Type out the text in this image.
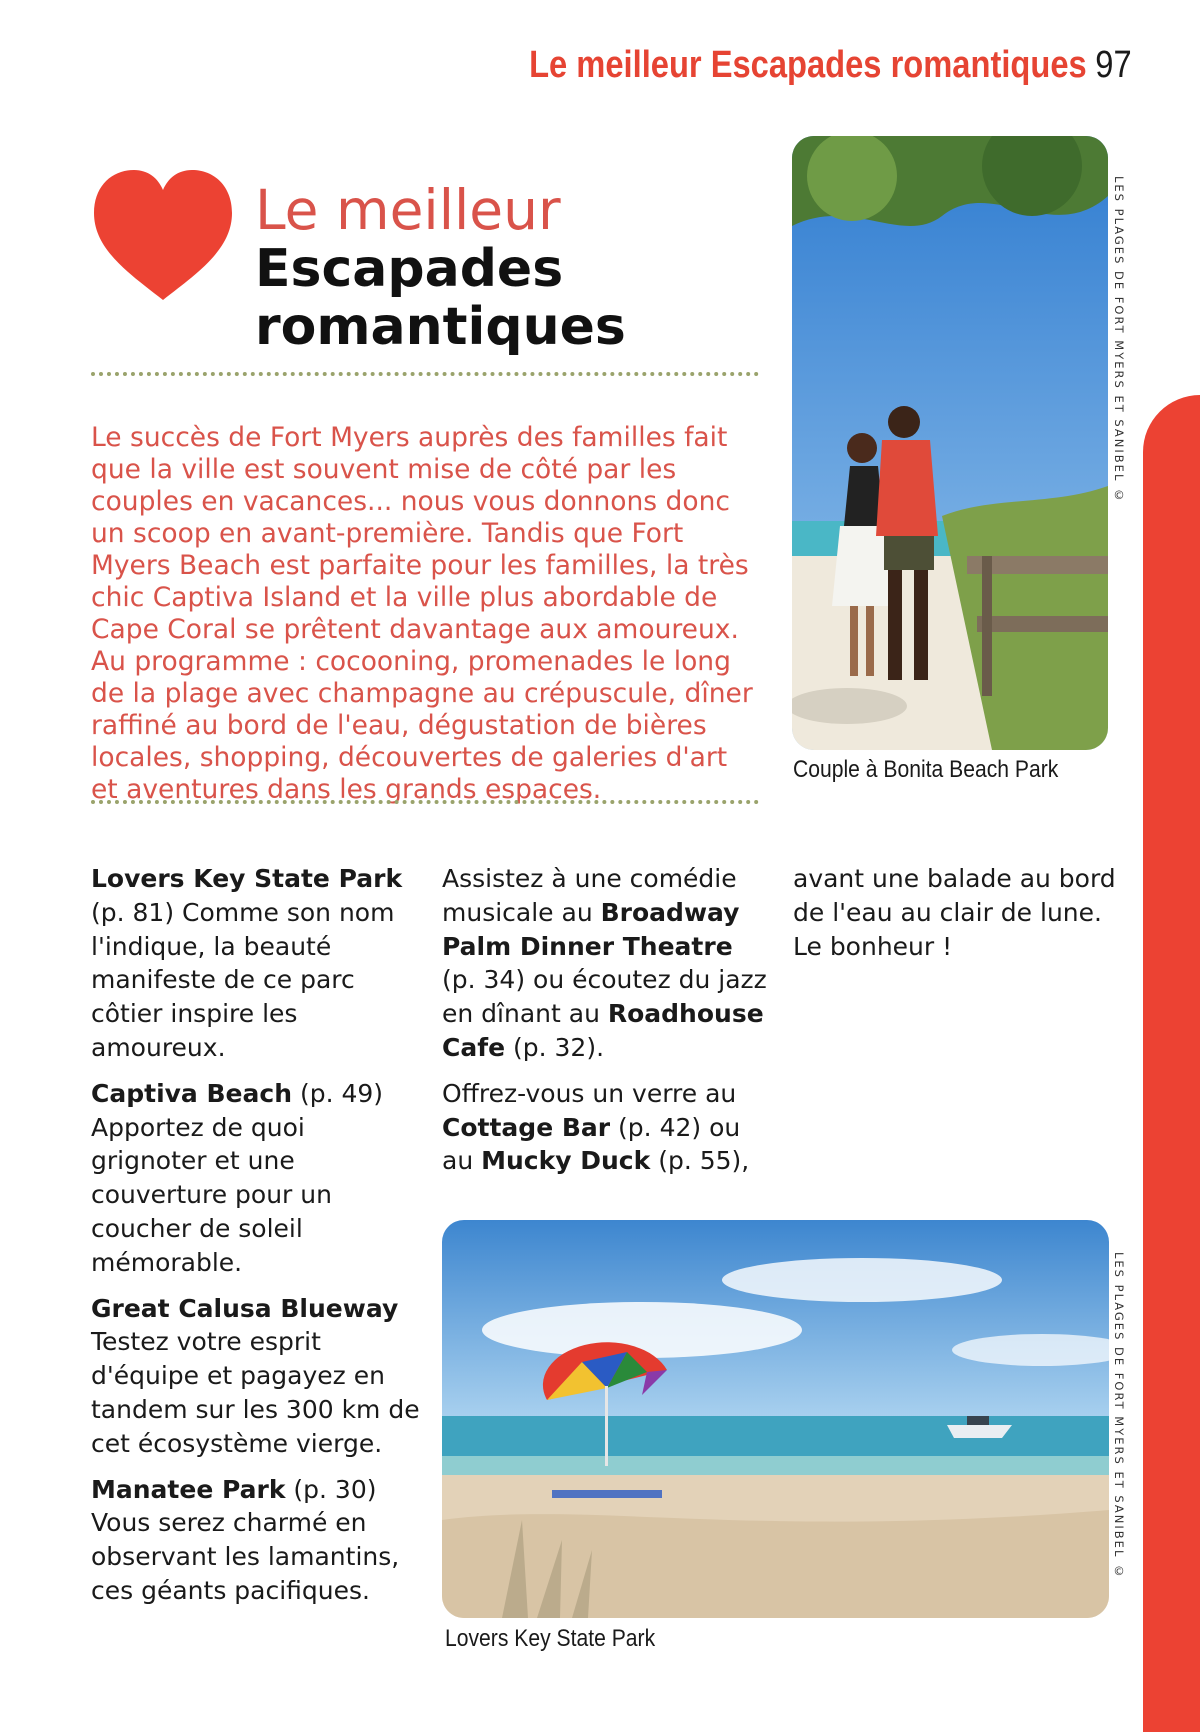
Le meilleur Escapades romantiques 97
Le meilleur
Escapades
romantiques

Le succès de Fort Myers auprès des familles fait que la ville est souvent mise de côté par les couples en vacances... nous vous donnons donc un scoop en avant-première. Tandis que Fort Myers Beach est parfaite pour les familles, la très chic Captiva Island et la ville plus abordable de Cape Coral se prêtent davantage aux amoureux. Au programme : cocooning, promenades le long de la plage avec champagne au crépuscule, dîner raffiné au bord de l'eau, dégustation de bières locales, shopping, découvertes de galeries d'art et aventures dans les grands espaces.

Couple à Bonita Beach Park
LES PLAGES DE FORT MYERS ET SANIBEL ©

Lovers Key State Park
(p. 81) Comme son nom l'indique, la beauté manifeste de ce parc côtier inspire les amoureux.

Captiva Beach (p. 49)
Apportez de quoi grignoter et une couverture pour un coucher de soleil mémorable.

Great Calusa Blueway
Testez votre esprit d'équipe et pagayez en tandem sur les 300 km de cet écosystème vierge.

Manatee Park (p. 30)
Vous serez charmé en observant les lamantins, ces géants pacifiques.

Assistez à une comédie musicale au Broadway Palm Dinner Theatre (p. 34) ou écoutez du jazz en dînant au Roadhouse Cafe (p. 32).

Offrez-vous un verre au Cottage Bar (p. 42) ou au Mucky Duck (p. 55),

avant une balade au bord de l'eau au clair de lune. Le bonheur !

Lovers Key State Park
LES PLAGES DE FORT MYERS ET SANIBEL ©
